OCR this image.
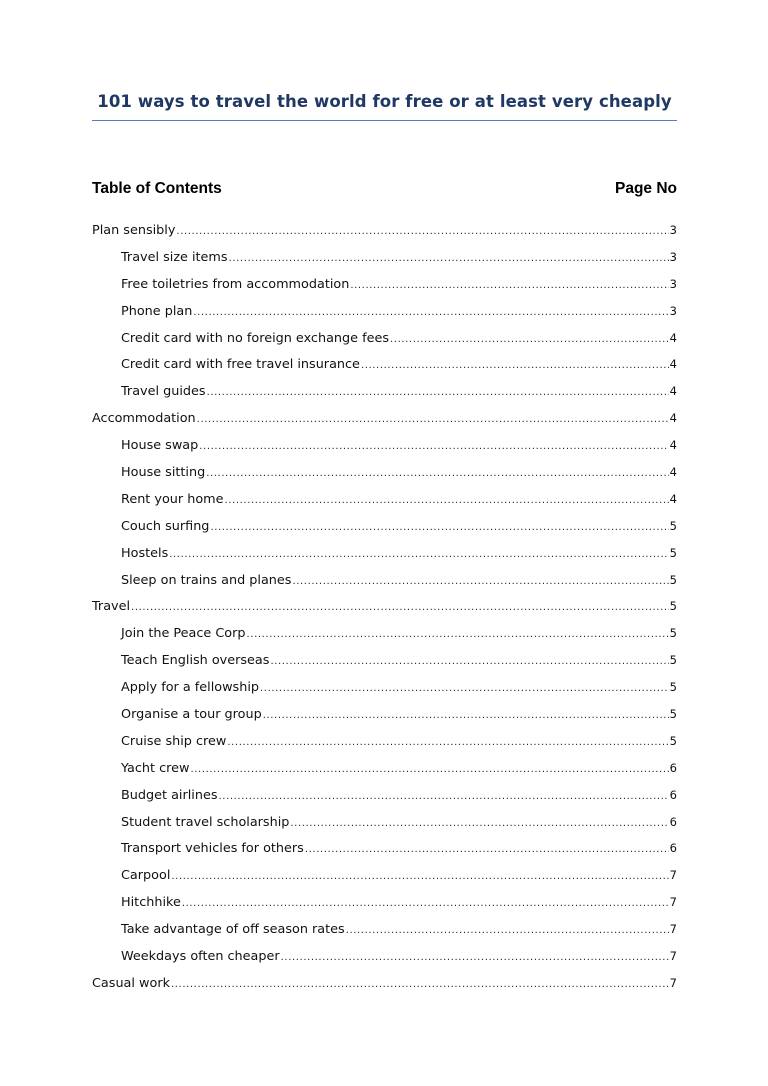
101 ways to travel the world for free or at least very cheaply
Table of Contents	Page No
Plan sensibly .....	3
Travel size items .....	3
Free toiletries from accommodation .....	3
Phone plan .....	3
Credit card with no foreign exchange fees .....	4
Credit card with free travel insurance .....	4
Travel guides .....	4
Accommodation .....	4
House swap .....	4
House sitting .....	4
Rent your home .....	4
Couch surfing .....	5
Hostels .....	5
Sleep on trains and planes .....	5
Travel .....	5
Join the Peace Corp .....	5
Teach English overseas .....	5
Apply for a fellowship .....	5
Organise a tour group .....	5
Cruise ship crew .....	5
Yacht crew .....	6
Budget airlines .....	6
Student travel scholarship .....	6
Transport vehicles for others .....	6
Carpool .....	7
Hitchhike .....	7
Take advantage of off season rates .....	7
Weekdays often cheaper .....	7
Casual work .....	7
